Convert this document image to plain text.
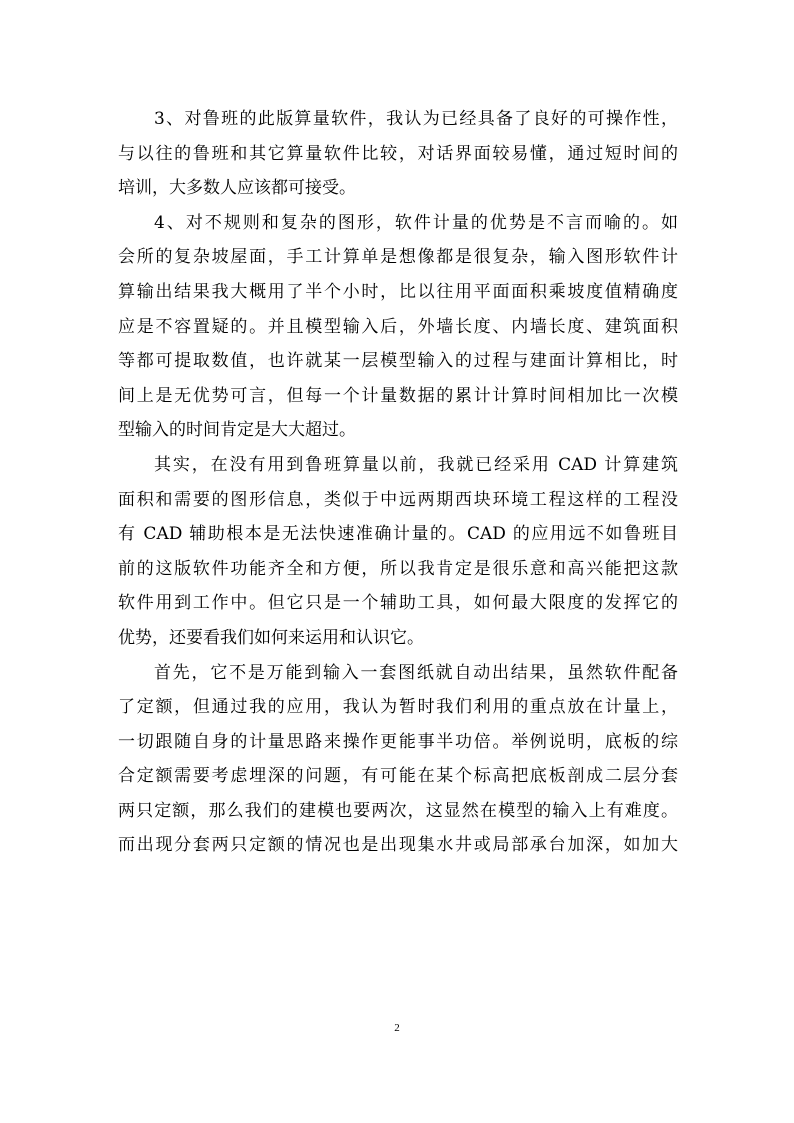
3、对鲁班的此版算量软件，我认为已经具备了良好的可操作性，
与以往的鲁班和其它算量软件比较，对话界面较易懂，通过短时间的
培训，大多数人应该都可接受。
4、对不规则和复杂的图形，软件计量的优势是不言而喻的。如
会所的复杂坡屋面，手工计算单是想像都是很复杂，输入图形软件计
算输出结果我大概用了半个小时，比以往用平面面积乘坡度值精确度
应是不容置疑的。并且模型输入后，外墙长度、内墙长度、建筑面积
等都可提取数值，也许就某一层模型输入的过程与建面计算相比，时
间上是无优势可言，但每一个计量数据的累计计算时间相加比一次模
型输入的时间肯定是大大超过。
其实，在没有用到鲁班算量以前，我就已经采用 CAD 计算建筑
面积和需要的图形信息，类似于中远两期西块环境工程这样的工程没
有 CAD 辅助根本是无法快速准确计量的。CAD 的应用远不如鲁班目
前的这版软件功能齐全和方便，所以我肯定是很乐意和高兴能把这款
软件用到工作中。但它只是一个辅助工具，如何最大限度的发挥它的
优势，还要看我们如何来运用和认识它。
首先，它不是万能到输入一套图纸就自动出结果，虽然软件配备
了定额，但通过我的应用，我认为暂时我们利用的重点放在计量上，
一切跟随自身的计量思路来操作更能事半功倍。举例说明，底板的综
合定额需要考虑埋深的问题，有可能在某个标高把底板剖成二层分套
两只定额，那么我们的建模也要两次，这显然在模型的输入上有难度。
而出现分套两只定额的情况也是出现集水井或局部承台加深，如加大
2
